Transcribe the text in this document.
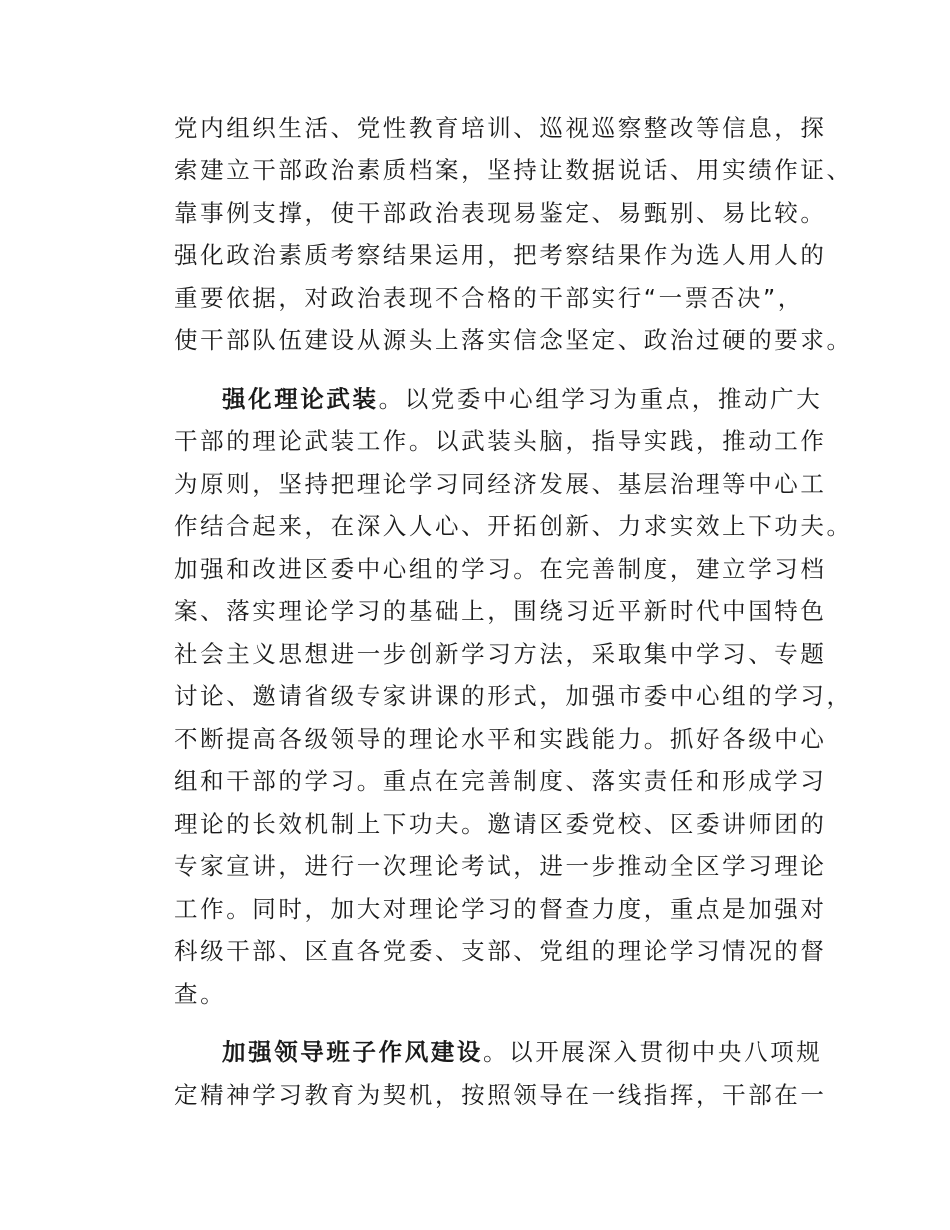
党内组织生活、党性教育培训、巡视巡察整改等信息，探
索建立干部政治素质档案，坚持让数据说话、用实绩作证、
靠事例支撑，使干部政治表现易鉴定、易甄别、易比较。
强化政治素质考察结果运用，把考察结果作为选人用人的
重要依据，对政治表现不合格的干部实行“一票否决”，
使干部队伍建设从源头上落实信念坚定、政治过硬的要求。
强化理论武装。以党委中心组学习为重点，推动广大
干部的理论武装工作。以武装头脑，指导实践，推动工作
为原则，坚持把理论学习同经济发展、基层治理等中心工
作结合起来，在深入人心、开拓创新、力求实效上下功夫。
加强和改进区委中心组的学习。在完善制度，建立学习档
案、落实理论学习的基础上，围绕习近平新时代中国特色
社会主义思想进一步创新学习方法，采取集中学习、专题
讨论、邀请省级专家讲课的形式，加强市委中心组的学习，
不断提高各级领导的理论水平和实践能力。抓好各级中心
组和干部的学习。重点在完善制度、落实责任和形成学习
理论的长效机制上下功夫。邀请区委党校、区委讲师团的
专家宣讲，进行一次理论考试，进一步推动全区学习理论
工作。同时，加大对理论学习的督查力度，重点是加强对
科级干部、区直各党委、支部、党组的理论学习情况的督
查。
加强领导班子作风建设。以开展深入贯彻中央八项规
定精神学习教育为契机，按照领导在一线指挥，干部在一
